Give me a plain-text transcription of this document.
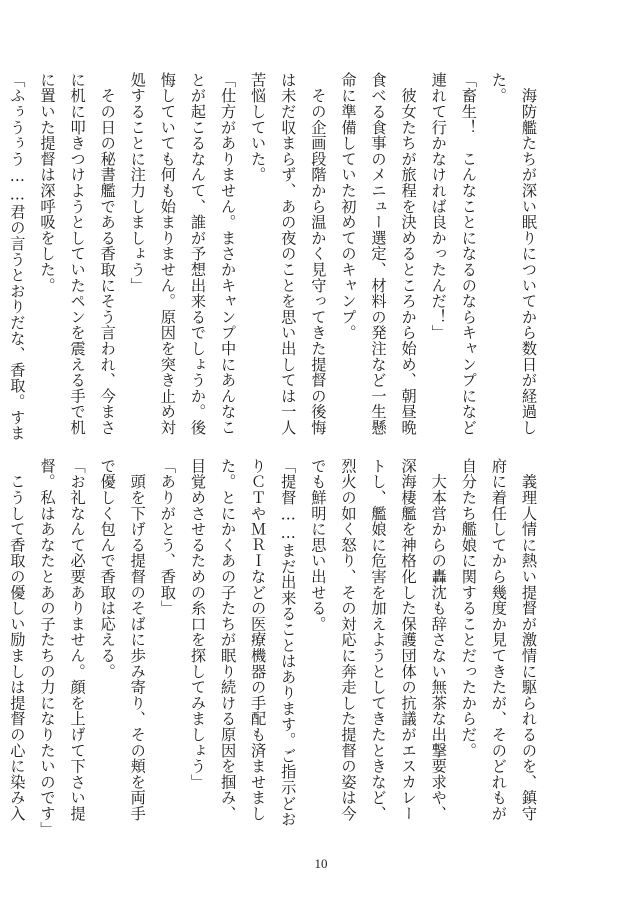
　海防艦たちが深い眠りについてから数日が経過した。

「畜生！　こんなことになるのならキャンプになど連れて行かなければ良かったんだ！」

　彼女たちが旅程を決めるところから始め、朝昼晩食べる食事のメニュー選定、材料の発注など一生懸命に準備していた初めてのキャンプ。

　その企画段階から温かく見守ってきた提督の後悔は未だ収まらず、あの夜のことを思い出しては一人苦悩していた。

「仕方がありません。まさかキャンプ中にあんなことが起こるなんて、誰が予想出来るでしょうか。後悔していても何も始まりません。原因を突き止め対処することに注力しましょう」

　その日の秘書艦である香取にそう言われ、今まさに机に叩きつけようとしていたペンを震える手で机に置いた提督は深呼吸をした。

「ふぅうぅう……君の言うとおりだな、香取。すま

　義理人情に熱い提督が激情に駆られるのを、鎮守府に着任してから幾度か見てきたが、そのどれもが自分たち艦娘に関することだったからだ。

　大本営からの轟沈も辞さない無茶な出撃要求や、深海棲艦を神格化した保護団体の抗議がエスカレートし、艦娘に危害を加えようとしてきたときなど、烈火の如く怒り、その対応に奔走した提督の姿は今でも鮮明に思い出せる。

「提督……まだ出来ることはあります。ご指示どおりＣＴやＭＲＩなどの医療機器の手配も済ませました。とにかくあの子たちが眠り続ける原因を掴み、目覚めさせるための糸口を探してみましょう」

「ありがとう、香取」

　頭を下げる提督のそばに歩み寄り、その頬を両手で優しく包んで香取は応える。

「お礼なんて必要ありません。顔を上げて下さい提督。私はあなたとあの子たちの力になりたいのです」

　こうして香取の優しい励ましは提督の心に染み入

10
